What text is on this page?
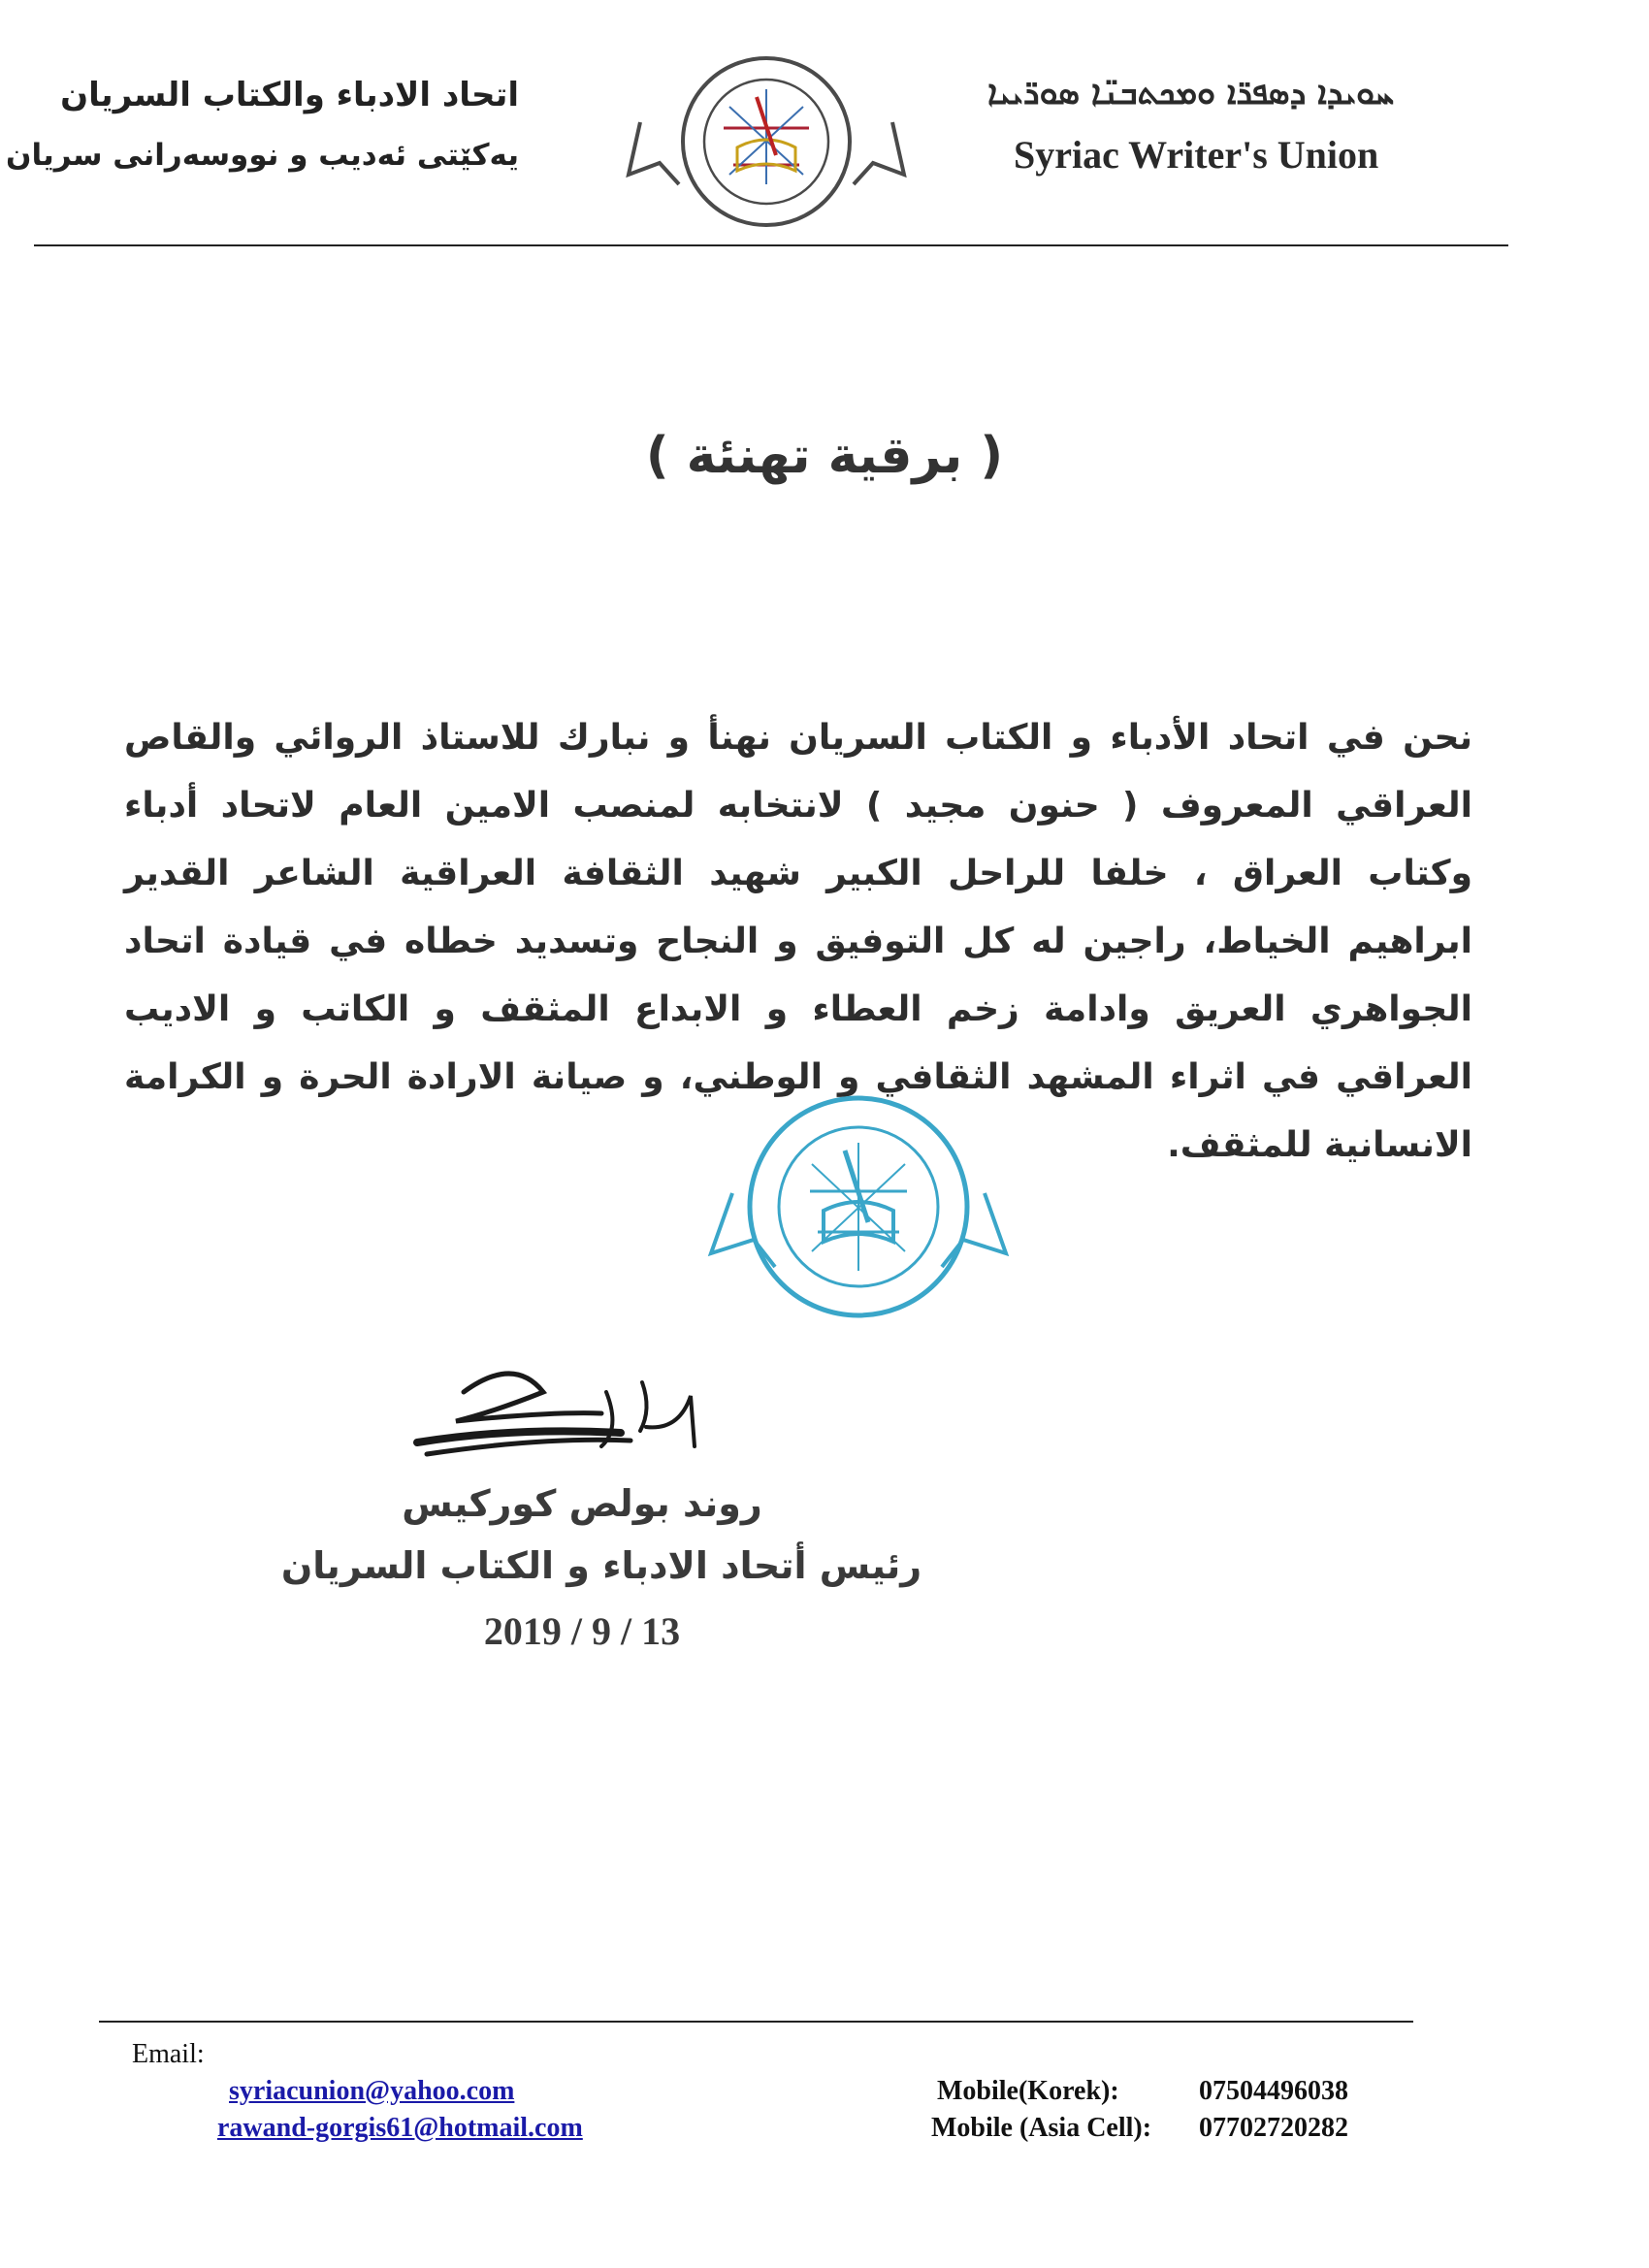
اتحاد الادباء والكتاب السريان
یەکێتی ئەدیب و نووسەرانی سریان
ܚܘܝܕܐ ܕܣܦܪ̈ܐ ܘܡܟܬܒܢ̈ܐ ܣܘܪ̈ܝܝܐ
Syriac Writer's Union
( برقية تهنئة )
نحن في اتحاد الأدباء و الكتاب السريان نهنأ و نبارك للاستاذ الروائي والقاص العراقي المعروف ( حنون مجيد ) لانتخابه لمنصب الامين العام لاتحاد أدباء وكتاب العراق ، خلفا للراحل الكبير شهيد الثقافة العراقية الشاعر القدير ابراهيم الخياط، راجين له كل التوفيق و النجاح وتسديد خطاه في قيادة اتحاد الجواهري العريق وادامة زخم العطاء و الابداع المثقف و الكاتب و الاديب العراقي في اثراء المشهد الثقافي و الوطني، و صيانة الارادة الحرة و الكرامة الانسانية للمثقف.
روند بولص كوركيس
رئيس أتحاد الادباء و الكتاب السريان
2019 / 9 / 13
Email:
syriacunion@yahoo.com
rawand-gorgis61@hotmail.com
Mobile(Korek):	07504496038
Mobile (Asia Cell): 07702720282
